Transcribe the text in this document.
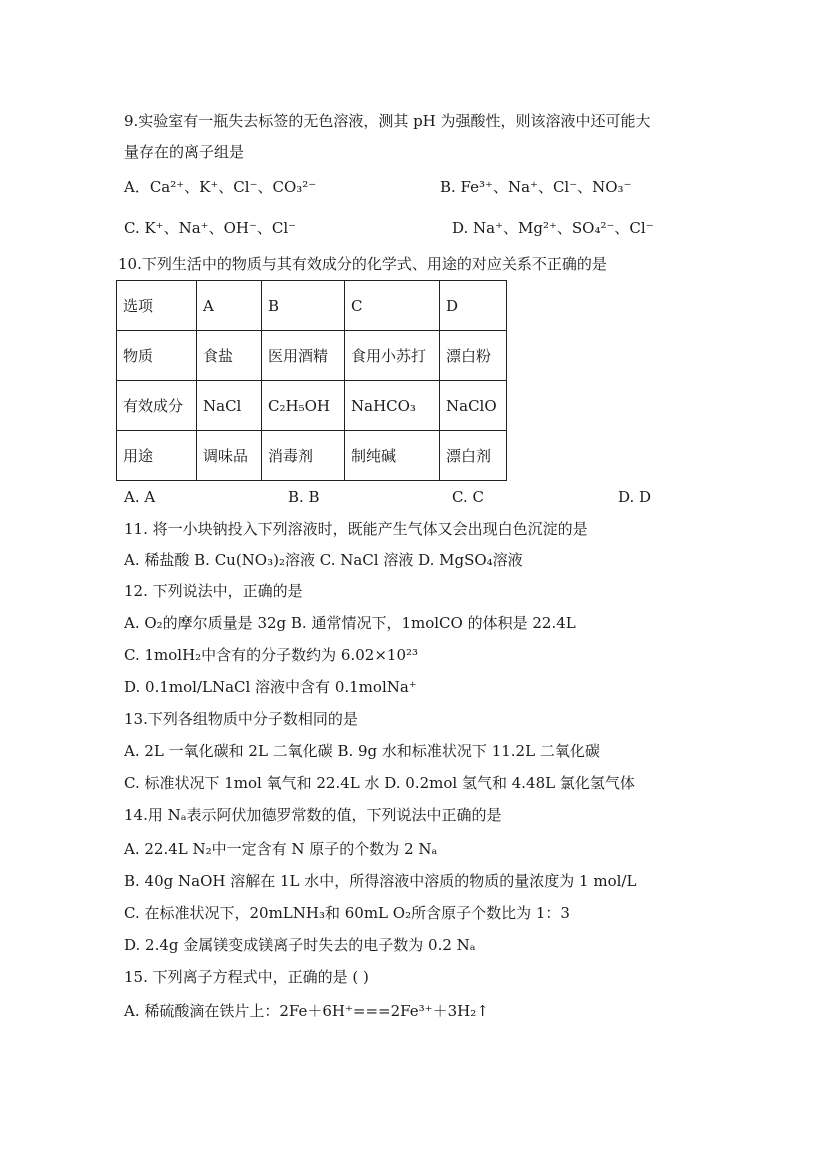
9.实验室有一瓶失去标签的无色溶液，测其 pH 为强酸性，则该溶液中还可能大
量存在的离子组是
A．Ca²⁺、K⁺、Cl⁻、CO₃²⁻	B. Fe³⁺、Na⁺、Cl⁻、NO₃⁻
C. K⁺、Na⁺、OH⁻、Cl⁻	D. Na⁺、Mg²⁺、SO₄²⁻、Cl⁻
10.下列生活中的物质与其有效成分的化学式、用途的对应关系不正确的是
选项	A	B	C	D
物质	食盐	医用酒精	食用小苏打	漂白粉
有效成分	NaCl	C₂H₅OH	NaHCO₃	NaClO
用途	调味品	消毒剂	制纯碱	漂白剂
A. A	B. B	C. C	D. D
11. 将一小块钠投入下列溶液时，既能产生气体又会出现白色沉淀的是
A. 稀盐酸 B. Cu(NO₃)₂溶液 C. NaCl 溶液 D. MgSO₄溶液
12. 下列说法中，正确的是
A. O₂的摩尔质量是 32g B. 通常情况下，1molCO 的体积是 22.4L
C. 1molH₂中含有的分子数约为 6.02×10²³
D. 0.1mol/LNaCl 溶液中含有 0.1molNa⁺
13.下列各组物质中分子数相同的是
A. 2L 一氧化碳和 2L 二氧化碳 B. 9g 水和标准状况下 11.2L 二氧化碳
C. 标准状况下 1mol 氧气和 22.4L 水 D. 0.2mol 氢气和 4.48L 氯化氢气体
14.用 Nₐ表示阿伏加德罗常数的值，下列说法中正确的是
A. 22.4L N₂中一定含有 N 原子的个数为 2 Nₐ
B. 40g NaOH 溶解在 1L 水中，所得溶液中溶质的物质的量浓度为 1 mol/L
C. 在标准状况下，20mLNH₃和 60mL O₂所含原子个数比为 1：3
D. 2.4g 金属镁变成镁离子时失去的电子数为 0.2 Nₐ
15. 下列离子方程式中，正确的是 ( )
A. 稀硫酸滴在铁片上：2Fe＋6H⁺===2Fe³⁺＋3H₂↑
